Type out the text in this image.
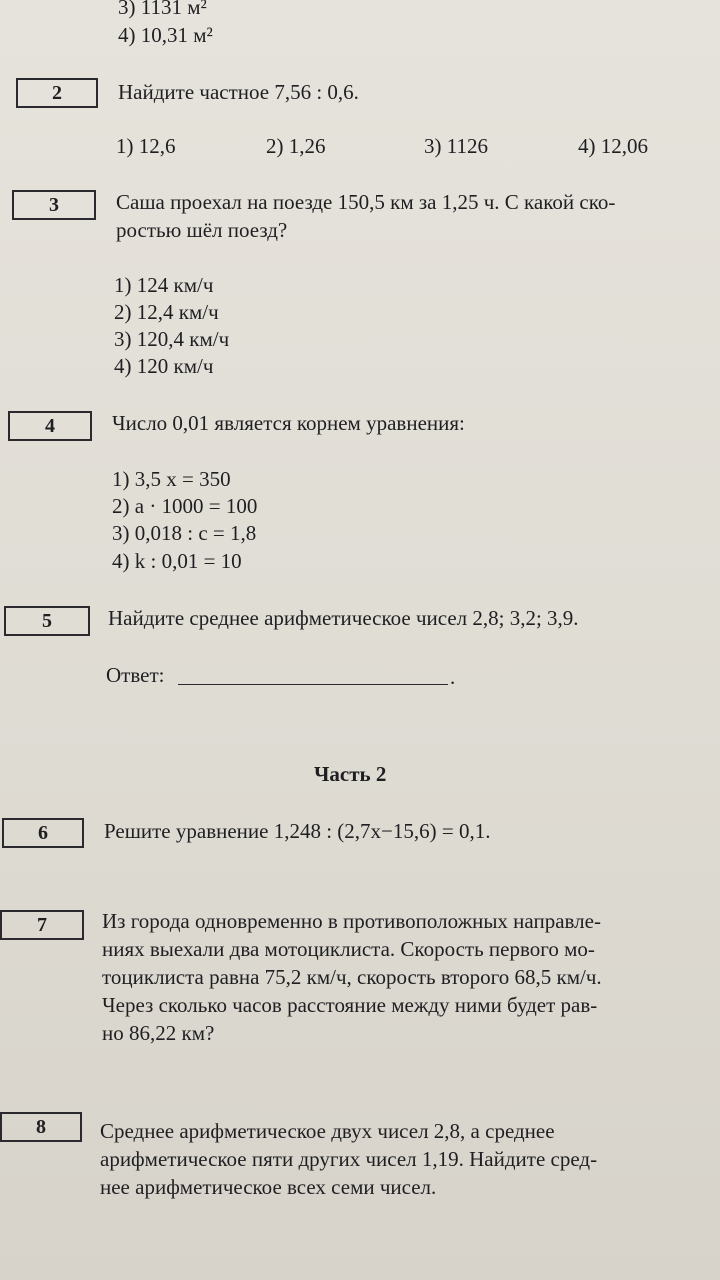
3) 1131 м²
4) 10,31 м²
2	Найдите частное 7,56 : 0,6.
1) 12,6	2) 1,26	3) 1126	4) 12,06
3	Саша проехал на поезде 150,5 км за 1,25 ч. С какой ско-
ростью шёл поезд?
1) 124 км/ч
2) 12,4 км/ч
3) 120,4 км/ч
4) 120 км/ч
4	Число 0,01 является корнем уравнения:
1) 3,5 x = 350
2) a · 1000 = 100
3) 0,018 : c = 1,8
4) k : 0,01 = 10
5	Найдите среднее арифметическое чисел 2,8; 3,2; 3,9.
Ответ:	.
Часть 2
6	Решите уравнение 1,248 : (2,7x−15,6) = 0,1.
7	Из города одновременно в противоположных направле-
ниях выехали два мотоциклиста. Скорость первого мо-
тоциклиста равна 75,2 км/ч, скорость второго 68,5 км/ч.
Через сколько часов расстояние между ними будет рав-
но 86,22 км?
8	Среднее арифметическое двух чисел 2,8, а среднее
арифметическое пяти других чисел 1,19. Найдите сред-
нее арифметическое всех семи чисел.
